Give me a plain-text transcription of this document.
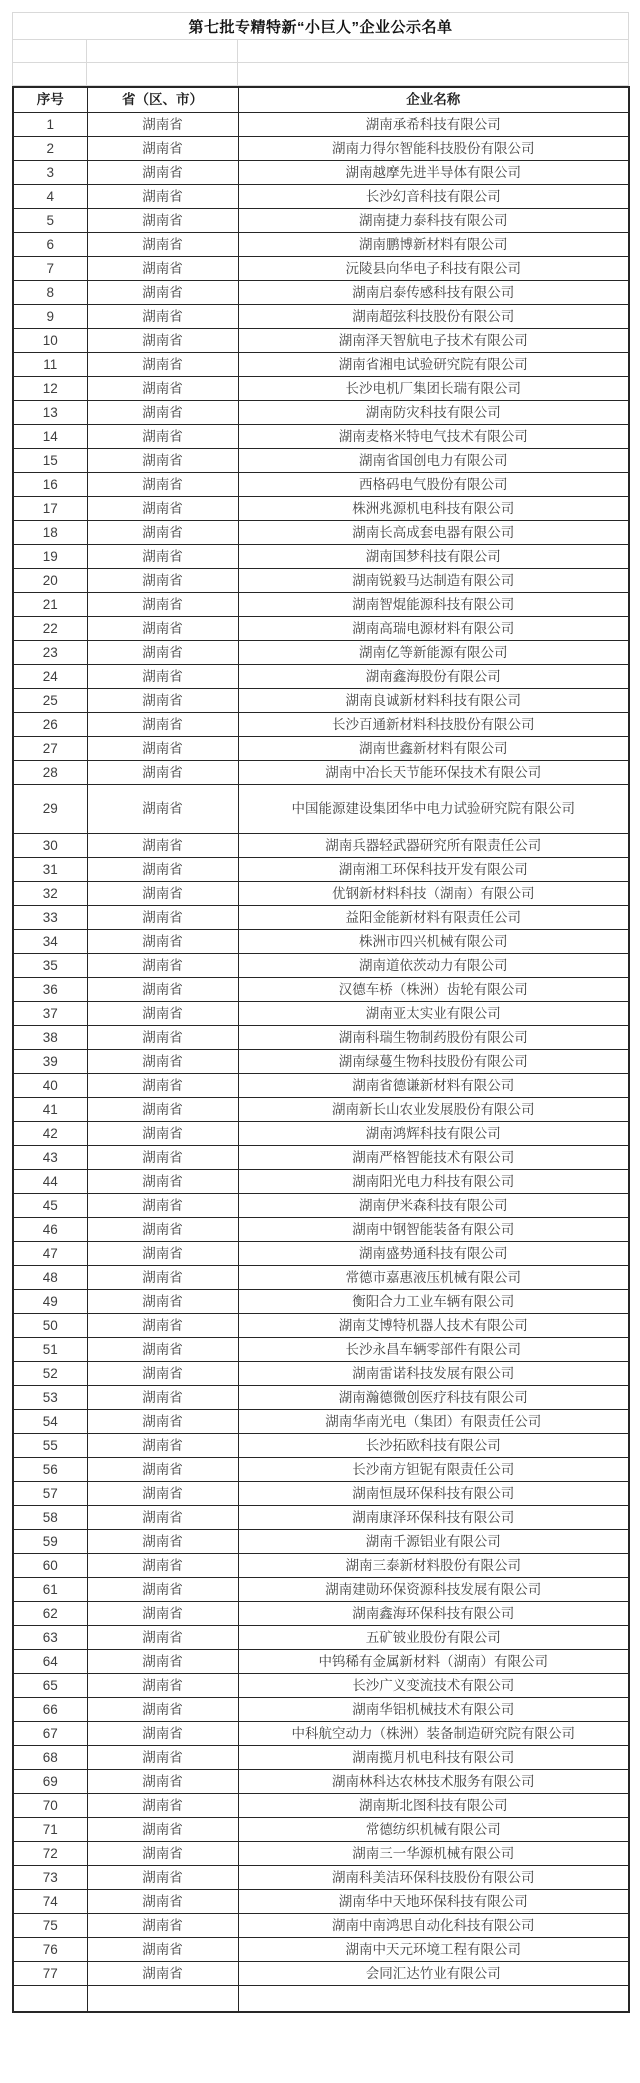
第七批专精特新“小巨人”企业公示名单		

序号	省（区、市）	企业名称
1	湖南省	湖南承希科技有限公司
2	湖南省	湖南力得尔智能科技股份有限公司
3	湖南省	湖南越摩先进半导体有限公司
4	湖南省	长沙幻音科技有限公司
5	湖南省	湖南捷力泰科技有限公司
6	湖南省	湖南鹏博新材料有限公司
7	湖南省	沅陵县向华电子科技有限公司
8	湖南省	湖南启泰传感科技有限公司
9	湖南省	湖南超弦科技股份有限公司
10	湖南省	湖南泽天智航电子技术有限公司
11	湖南省	湖南省湘电试验研究院有限公司
12	湖南省	长沙电机厂集团长瑞有限公司
13	湖南省	湖南防灾科技有限公司
14	湖南省	湖南麦格米特电气技术有限公司
15	湖南省	湖南省国创电力有限公司
16	湖南省	西格码电气股份有限公司
17	湖南省	株洲兆源机电科技有限公司
18	湖南省	湖南长高成套电器有限公司
19	湖南省	湖南国梦科技有限公司
20	湖南省	湖南锐毅马达制造有限公司
21	湖南省	湖南智焜能源科技有限公司
22	湖南省	湖南高瑞电源材料有限公司
23	湖南省	湖南亿等新能源有限公司
24	湖南省	湖南鑫海股份有限公司
25	湖南省	湖南良诚新材料科技有限公司
26	湖南省	长沙百通新材料科技股份有限公司
27	湖南省	湖南世鑫新材料有限公司
28	湖南省	湖南中冶长天节能环保技术有限公司
29	湖南省	中国能源建设集团华中电力试验研究院有限公司
30	湖南省	湖南兵器轻武器研究所有限责任公司
31	湖南省	湖南湘工环保科技开发有限公司
32	湖南省	优钢新材料科技（湖南）有限公司
33	湖南省	益阳金能新材料有限责任公司
34	湖南省	株洲市四兴机械有限公司
35	湖南省	湖南道依茨动力有限公司
36	湖南省	汉德车桥（株洲）齿轮有限公司
37	湖南省	湖南亚太实业有限公司
38	湖南省	湖南科瑞生物制药股份有限公司
39	湖南省	湖南绿蔓生物科技股份有限公司
40	湖南省	湖南省德谦新材料有限公司
41	湖南省	湖南新长山农业发展股份有限公司
42	湖南省	湖南鸿辉科技有限公司
43	湖南省	湖南严格智能技术有限公司
44	湖南省	湖南阳光电力科技有限公司
45	湖南省	湖南伊米森科技有限公司
46	湖南省	湖南中钢智能装备有限公司
47	湖南省	湖南盛势通科技有限公司
48	湖南省	常德市嘉惠液压机械有限公司
49	湖南省	衡阳合力工业车辆有限公司
50	湖南省	湖南艾博特机器人技术有限公司
51	湖南省	长沙永昌车辆零部件有限公司
52	湖南省	湖南雷诺科技发展有限公司
53	湖南省	湖南瀚德微创医疗科技有限公司
54	湖南省	湖南华南光电（集团）有限责任公司
55	湖南省	长沙拓欧科技有限公司
56	湖南省	长沙南方钽铌有限责任公司
57	湖南省	湖南恒晟环保科技有限公司
58	湖南省	湖南康泽环保科技有限公司
59	湖南省	湖南千源铝业有限公司
60	湖南省	湖南三泰新材料股份有限公司
61	湖南省	湖南建勋环保资源科技发展有限公司
62	湖南省	湖南鑫海环保科技有限公司
63	湖南省	五矿铍业股份有限公司
64	湖南省	中钨稀有金属新材料（湖南）有限公司
65	湖南省	长沙广义变流技术有限公司
66	湖南省	湖南华铝机械技术有限公司
67	湖南省	中科航空动力（株洲）装备制造研究院有限公司
68	湖南省	湖南揽月机电科技有限公司
69	湖南省	湖南林科达农林技术服务有限公司
70	湖南省	湖南斯北图科技有限公司
71	湖南省	常德纺织机械有限公司
72	湖南省	湖南三一华源机械有限公司
73	湖南省	湖南科美洁环保科技股份有限公司
74	湖南省	湖南华中天地环保科技有限公司
75	湖南省	湖南中南鸿思自动化科技有限公司
76	湖南省	湖南中天元环境工程有限公司
77	湖南省	会同汇达竹业有限公司
